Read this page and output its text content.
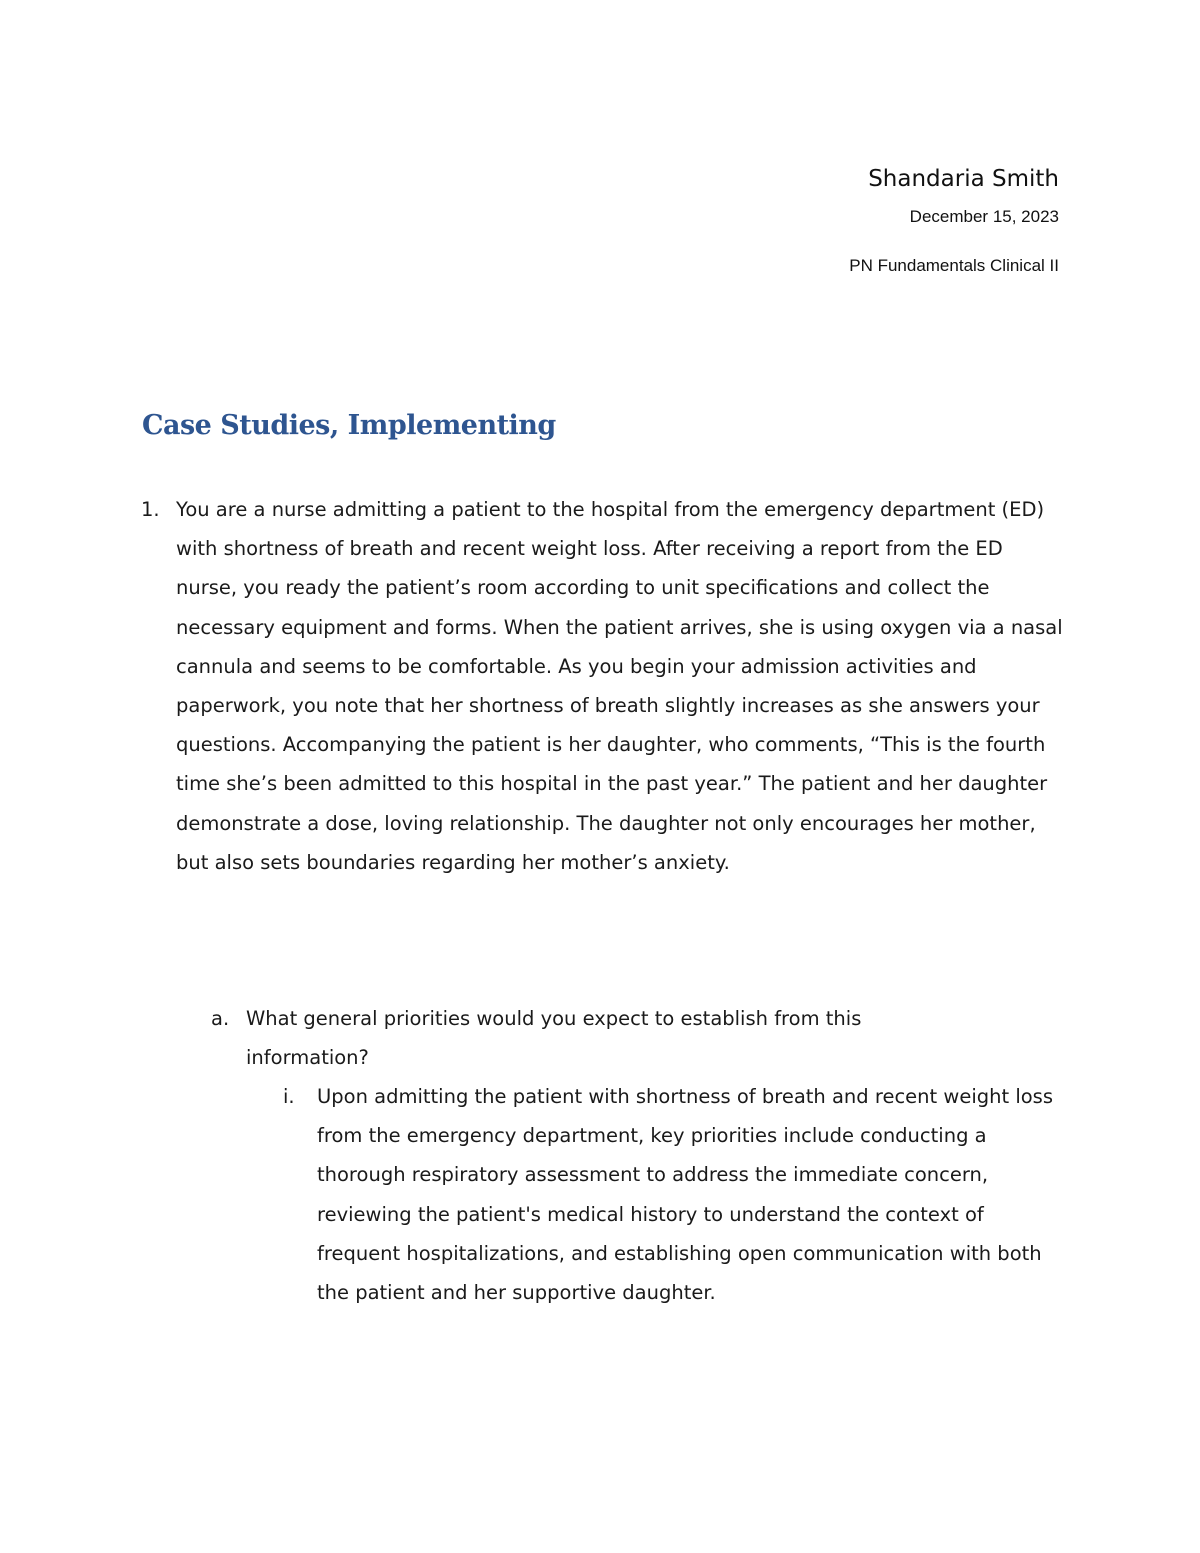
Shandaria Smith
December 15, 2023
PN Fundamentals Clinical II
Case Studies, Implementing
1. You are a nurse admitting a patient to the hospital from the emergency department (ED) with shortness of breath and recent weight loss. After receiving a report from the ED nurse, you ready the patient’s room according to unit specifications and collect the necessary equipment and forms. When the patient arrives, she is using oxygen via a nasal cannula and seems to be comfortable. As you begin your admission activities and paperwork, you note that her shortness of breath slightly increases as she answers your questions. Accompanying the patient is her daughter, who comments, “This is the fourth time she’s been admitted to this hospital in the past year.” The patient and her daughter demonstrate a dose, loving relationship. The daughter not only encourages her mother, but also sets boundaries regarding her mother’s anxiety.
a. What general priorities would you expect to establish from this information?
i. Upon admitting the patient with shortness of breath and recent weight loss from the emergency department, key priorities include conducting a thorough respiratory assessment to address the immediate concern, reviewing the patient's medical history to understand the context of frequent hospitalizations, and establishing open communication with both the patient and her supportive daughter.
